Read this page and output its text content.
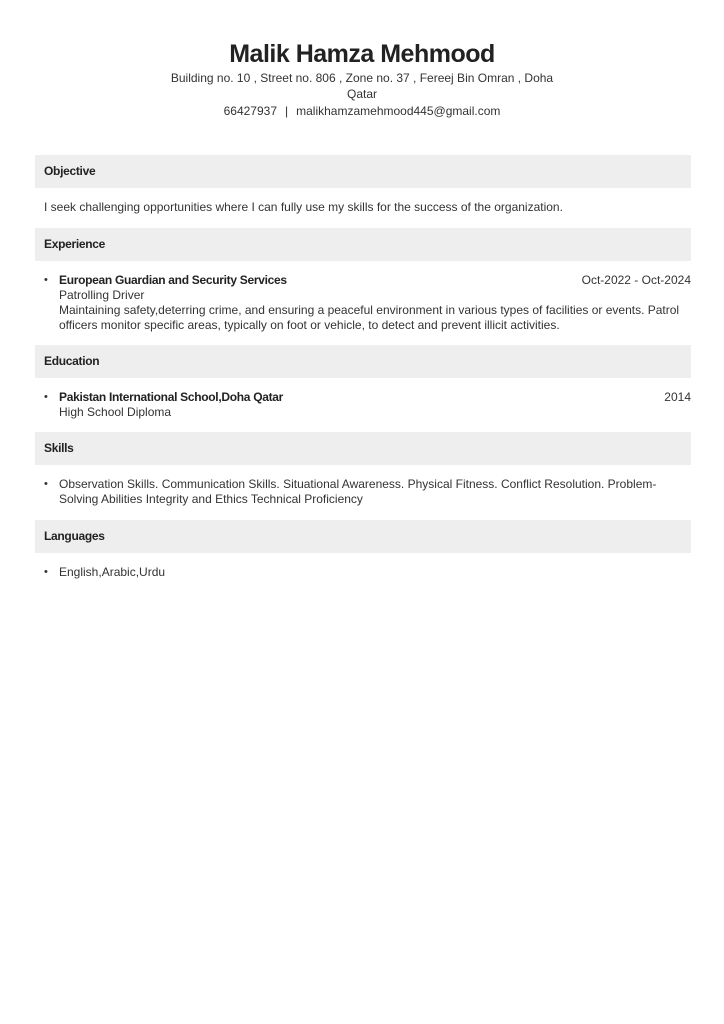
Malik Hamza Mehmood
Building no. 10 , Street no. 806 , Zone no. 37 , Fereej Bin Omran , Doha Qatar
66427937 | malikhamzamehmood445@gmail.com
Objective
I seek challenging opportunities where I can fully use my skills for the success of the organization.
Experience
• European Guardian and Security Services	Oct-2022 - Oct-2024
Patrolling Driver
Maintaining safety,deterring crime, and ensuring a peaceful environment in various types of facilities or events. Patrol officers monitor specific areas, typically on foot or vehicle, to detect and prevent illicit activities.
Education
• Pakistan International School,Doha Qatar	2014
High School Diploma
Skills
• Observation Skills. Communication Skills. Situational Awareness. Physical Fitness. Conflict Resolution. Problem-Solving Abilities Integrity and Ethics Technical Proficiency
Languages
• English,Arabic,Urdu
